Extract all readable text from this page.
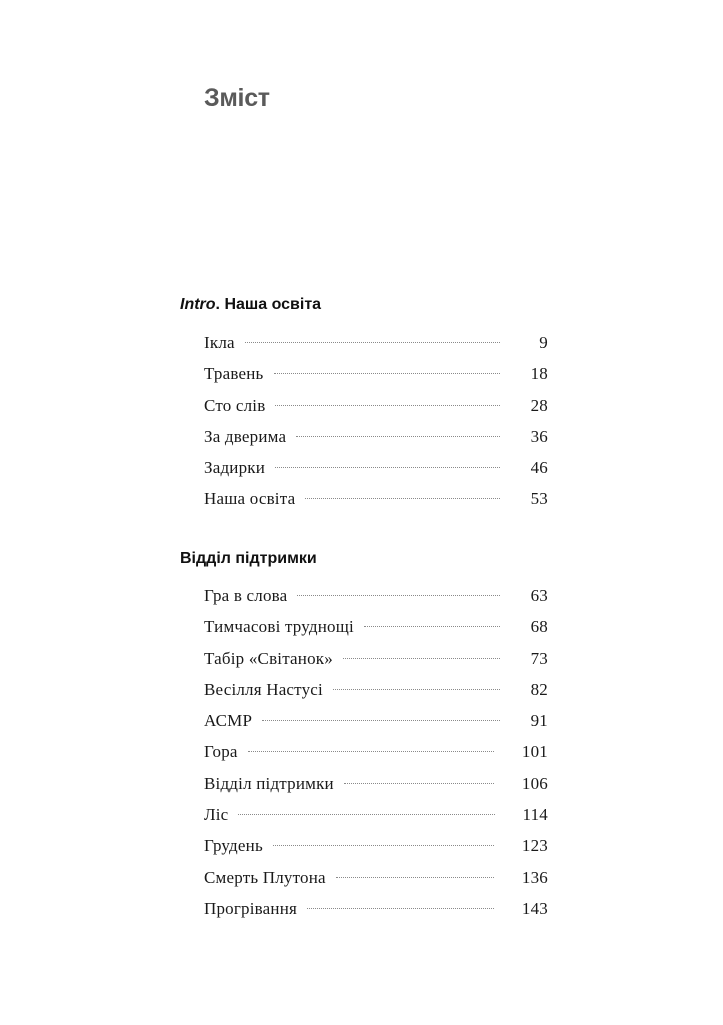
Зміст
Intro. Наша освіта
Ікла	9
Травень	18
Сто слів	28
За дверима	36
Задирки	46
Наша освіта	53
Відділ підтримки
Гра в слова	63
Тимчасові труднощі	68
Табір «Світанок»	73
Весілля Настусі	82
АСМР	91
Гора	101
Відділ підтримки	106
Ліс	114
Грудень	123
Смерть Плутона	136
Прогрівання	143
